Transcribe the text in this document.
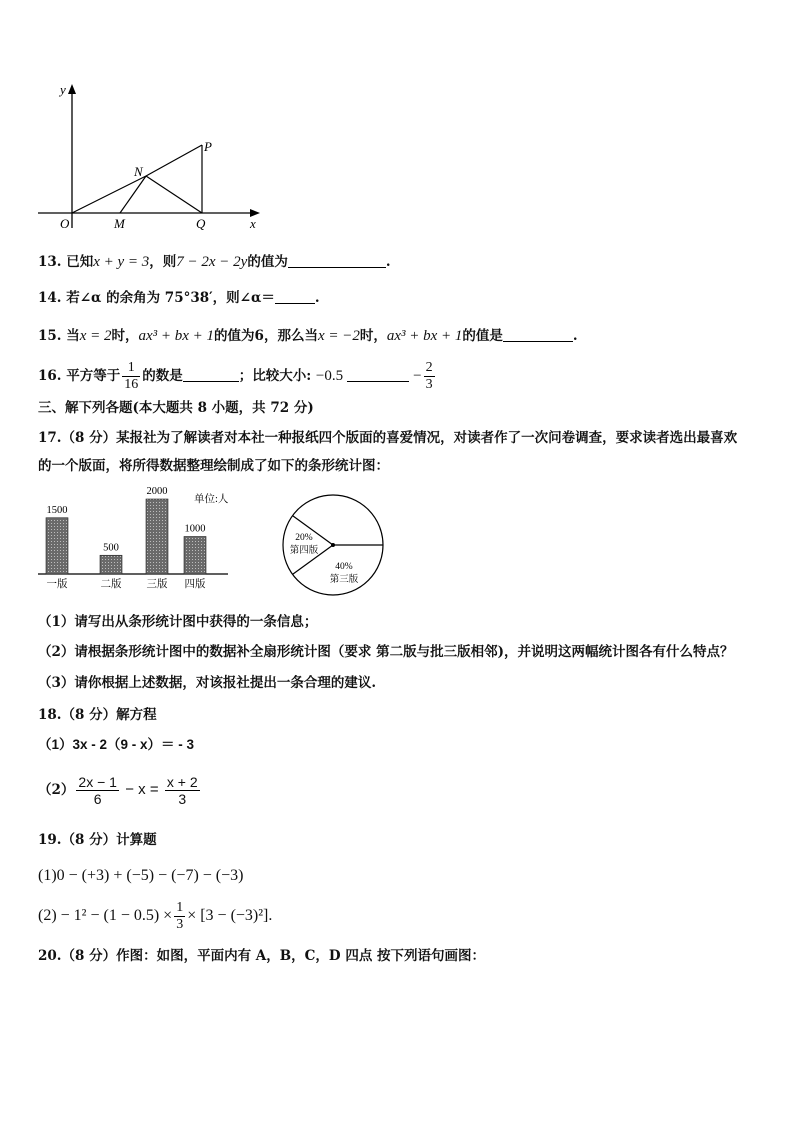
y
x
O	M	Q
N
P
13. 已知x + y = 3，则7 − 2x − 2y的值为	.
14. 若∠α 的余角为 75°38′，则∠α＝	.
15. 当x = 2时，ax³ + bx + 1的值为6，那么当x = −2时，ax³ + bx + 1的值是	.
16. 平方等于 $\frac{1}{16}$ 的数是	；比较大小: −0.5	− $\frac{2}{3}$
三、解下列各题(本大题共 8 小题，共 72 分)
17.（8 分）某报社为了解读者对本社一种报纸四个版面的喜爱情况，对读者作了一次问卷调查，要求读者选出最喜欢
的一个版面，将所得数据整理绘制成了如下的条形统计图：
1500
一版
500
二版
2000
三版
1000
四版
单位:人
20%
第四版
40%
第三版
（1）请写出从条形统计图中获得的一条信息；
（2）请根据条形统计图中的数据补全扇形统计图（要求 第二版与批三版相邻)，并说明这两幅统计图各有什么特点？
（3）请你根据上述数据，对该报社提出一条合理的建议.
18.（8 分）解方程
（1）3x - 2（9 - x）＝ - 3
$(2) \frac{2x - 1}{6} - x = \frac{x + 2}{3}$
19.（8 分）计算题
(1)0 − (+3) + (−5) − (−7) − (−3)
$(2) - 1^2 - (1 - 0.5) \times \frac{1}{3} \times [3 - (-3)^2]$.
20.（8 分）作图：如图，平面内有 A，B，C，D 四点 按下列语句画图：
